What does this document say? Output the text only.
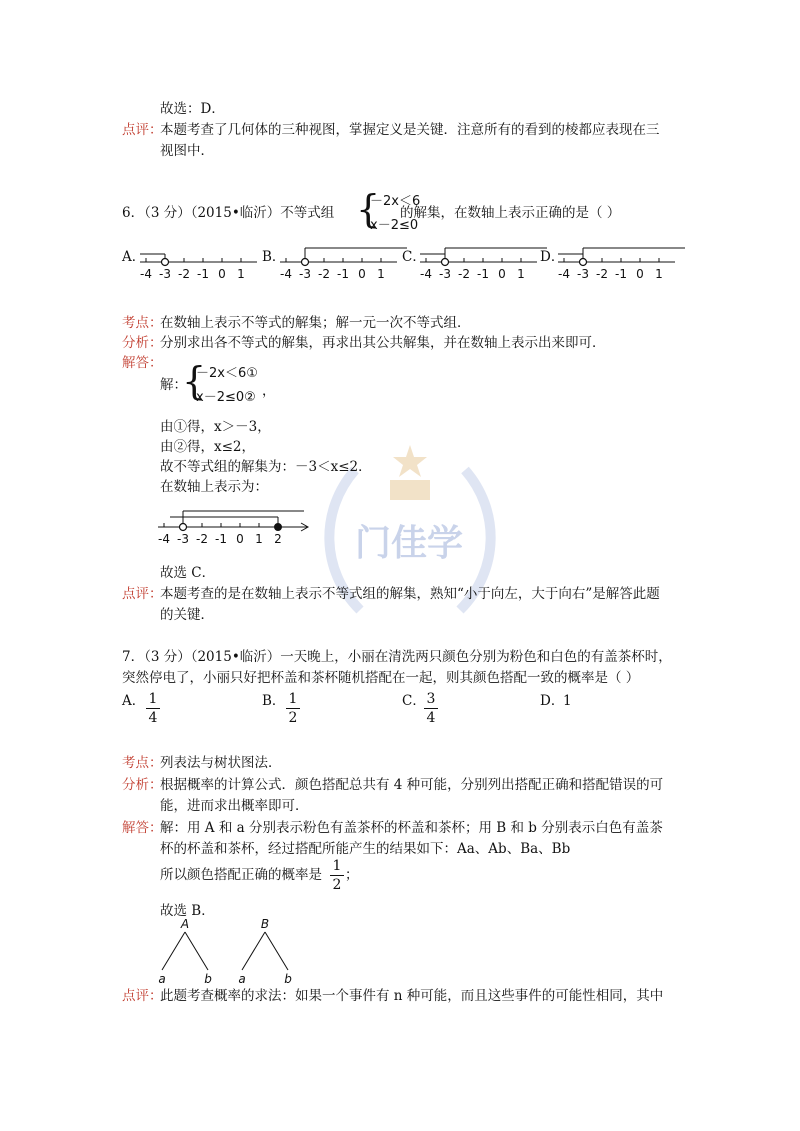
门佳学
故选：D．
点评：
本题考查了几何体的三种视图，掌握定义是关键．注意所有的看到的棱都应表现在三
视图中．
6．（3 分）（2015•临沂）不等式组 {
－2x＜6
x－2≤0
的解集，在数轴上表示正确的是（ ）
A．	B．	C．	D．
-4 -3 -2 -1 0 1	-4 -3 -2 -1 0 1	-4 -3 -2 -1 0 1	-4 -3 -2 -1 0 1
考点：
在数轴上表示不等式的解集；解一元一次不等式组．
分析：
分别求出各不等式的解集，再求出其公共解集，并在数轴上表示出来即可．
解答：
解：
{
－2x＜6①
x－2≤0② ，
由①得，x＞－3，
由②得，x≤2，
故不等式组的解集为：－3＜x≤2．
在数轴上表示为：
-4 -3 -2 -1 0 1 2
故选 C．
点评：
本题考查的是在数轴上表示不等式组的解集，熟知“小于向左，大于向右”是解答此题
的关键．
7．（3 分）（2015•临沂）一天晚上，小丽在清洗两只颜色分别为粉色和白色的有盖茶杯时，
突然停电了，小丽只好把杯盖和茶杯随机搭配在一起，则其颜色搭配一致的概率是（ ）
A． 1
4
B． 1
2
C． 3
4
D．
1
考点：
列表法与树状图法．
分析：
根据概率的计算公式．颜色搭配总共有 4 种可能，分别列出搭配正确和搭配错误的可
能，进而求出概率即可．
解答：
解：用 A 和 a 分别表示粉色有盖茶杯的杯盖和茶杯；用 B 和 b 分别表示白色有盖茶
杯的杯盖和茶杯，经过搭配所能产生的结果如下：Aa、Ab、Ba、Bb
所以颜色搭配正确的概率是
1
2
；
故选 B．
A
a	b
B
a	b
点评：
此题考查概率的求法：如果一个事件有 n 种可能，而且这些事件的可能性相同，其中
